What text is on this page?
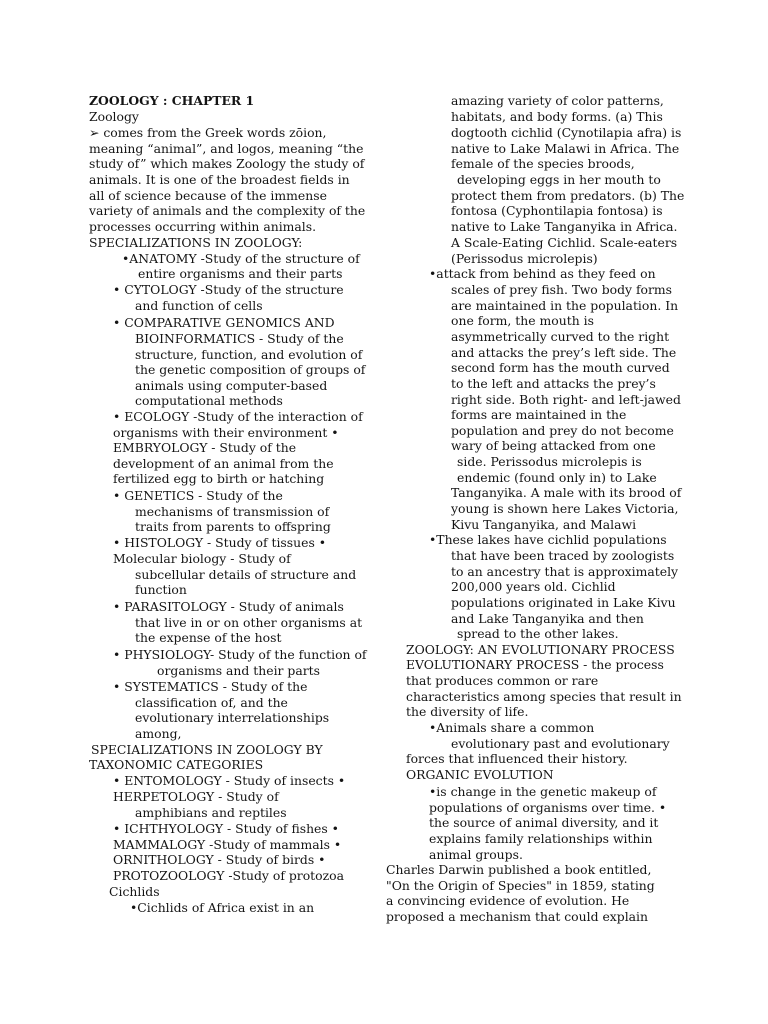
ZOOLOGY : CHAPTER 1
Zoology
➢ comes from the Greek words zōion,
meaning “animal”, and logos, meaning “the
study of” which makes Zoology the study of
animals. It is one of the broadest fields in
all of science because of the immense
variety of animals and the complexity of the
processes occurring within animals.
SPECIALIZATIONS IN ZOOLOGY:
•ANATOMY -Study of the structure of
entire organisms and their parts
• CYTOLOGY -Study of the structure
and function of cells
• COMPARATIVE GENOMICS AND
BIOINFORMATICS - Study of the
structure, function, and evolution of
the genetic composition of groups of
animals using computer-based
computational methods
• ECOLOGY -Study of the interaction of
organisms with their environment •
EMBRYOLOGY - Study of the
development of an animal from the
fertilized egg to birth or hatching
• GENETICS - Study of the
mechanisms of transmission of
traits from parents to offspring
• HISTOLOGY - Study of tissues •
Molecular biology - Study of
subcellular details of structure and
function
• PARASITOLOGY - Study of animals
that live in or on other organisms at
the expense of the host
• PHYSIOLOGY- Study of the function of
organisms and their parts
• SYSTEMATICS - Study of the
classification of, and the
evolutionary interrelationships
among,
SPECIALIZATIONS IN ZOOLOGY BY
TAXONOMIC CATEGORIES
• ENTOMOLOGY - Study of insects •
HERPETOLOGY - Study of
amphibians and reptiles
• ICHTHYOLOGY - Study of fishes •
MAMMALOGY -Study of mammals •
ORNITHOLOGY - Study of birds •
PROTOZOOLOGY -Study of protozoa
Cichlids
•Cichlids of Africa exist in an
amazing variety of color patterns,
habitats, and body forms. (a) This
dogtooth cichlid (Cynotilapia afra) is
native to Lake Malawi in Africa. The
female of the species broods,
developing eggs in her mouth to
protect them from predators. (b) The
fontosa (Cyphontilapia fontosa) is
native to Lake Tanganyika in Africa.
A Scale-Eating Cichlid. Scale-eaters
(Perissodus microlepis)
•attack from behind as they feed on
scales of prey fish. Two body forms
are maintained in the population. In
one form, the mouth is
asymmetrically curved to the right
and attacks the prey’s left side. The
second form has the mouth curved
to the left and attacks the prey’s
right side. Both right- and left-jawed
forms are maintained in the
population and prey do not become
wary of being attacked from one
side. Perissodus microlepis is
endemic (found only in) to Lake
Tanganyika. A male with its brood of
young is shown here Lakes Victoria,
Kivu Tanganyika, and Malawi
•These lakes have cichlid populations
that have been traced by zoologists
to an ancestry that is approximately
200,000 years old. Cichlid
populations originated in Lake Kivu
and Lake Tanganyika and then
spread to the other lakes.
ZOOLOGY: AN EVOLUTIONARY PROCESS
EVOLUTIONARY PROCESS - the process
that produces common or rare
characteristics among species that result in
the diversity of life.
•Animals share a common
evolutionary past and evolutionary
forces that influenced their history.
ORGANIC EVOLUTION
•is change in the genetic makeup of
populations of organisms over time. •
the source of animal diversity, and it
explains family relationships within
animal groups.
Charles Darwin published a book entitled,
"On the Origin of Species" in 1859, stating
a convincing evidence of evolution. He
proposed a mechanism that could explain
